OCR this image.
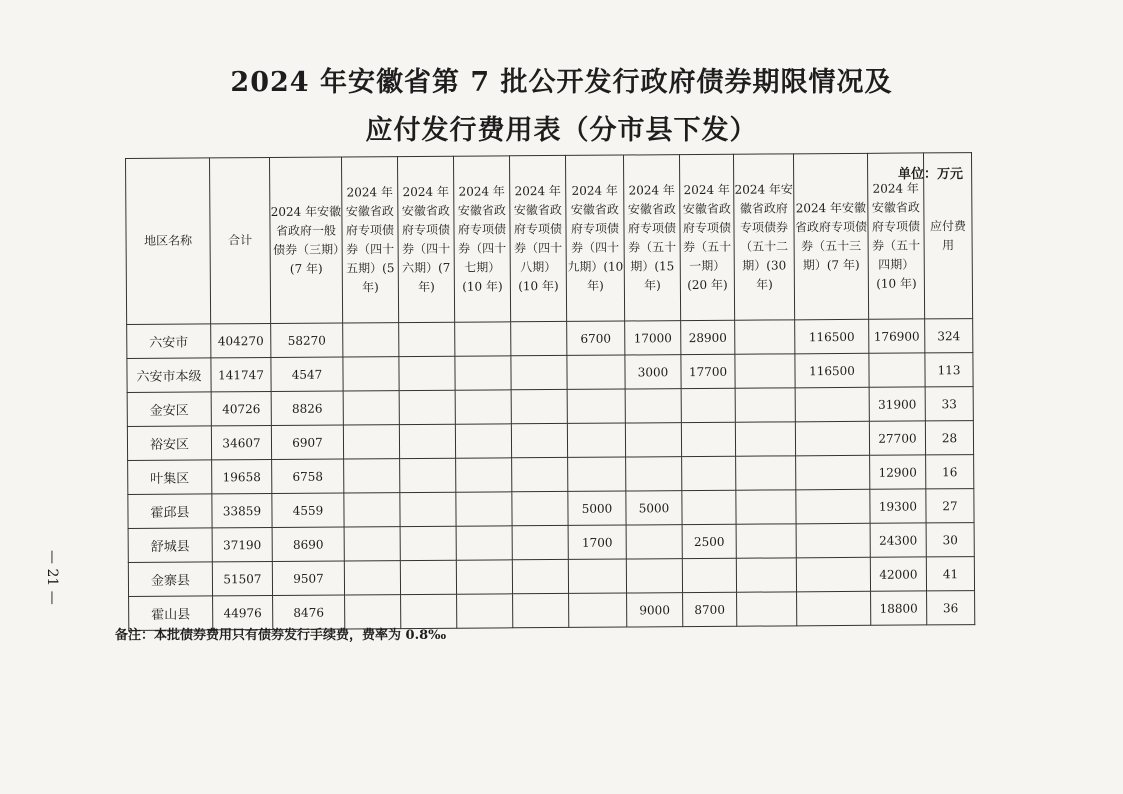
2024 年安徽省第 7 批公开发行政府债券期限情况及
应付发行费用表（分市县下发）
单位：万元
地区名称	合计	2024 年安徽省政府一般债券（三期）(7 年)	2024 年安徽省政府专项债券（四十五期）(5 年)	2024 年安徽省政府专项债券（四十六期）(7 年)	2024 年安徽省政府专项债券（四十七期）(10 年)	2024 年安徽省政府专项债券（四十八期）(10 年)	2024 年安徽省政府专项债券（四十九期）(10 年)	2024 年安徽省政府专项债券（五十期）(15 年)	2024 年安徽省政府专项债券（五十一期）(20 年)	2024 年安徽省政府专项债券（五十二期）(30 年)	2024 年安徽省政府专项债券（五十三期）(7 年)	2024 年安徽省政府专项债券（五十四期）(10 年)	应付费用
六安市	404270	58270					6700	17000	28900		116500	176900	324
六安市本级	141747	4547						3000	17700		116500		113
金安区	40726	8826										31900	33
裕安区	34607	6907										27700	28
叶集区	19658	6758										12900	16
霍邱县	33859	4559					5000	5000				19300	27
舒城县	37190	8690					1700		2500			24300	30
金寨县	51507	9507										42000	41
霍山县	44976	8476						9000	8700			18800	36
备注：本批债券费用只有债券发行手续费，费率为 0.8‰
— 21 —
